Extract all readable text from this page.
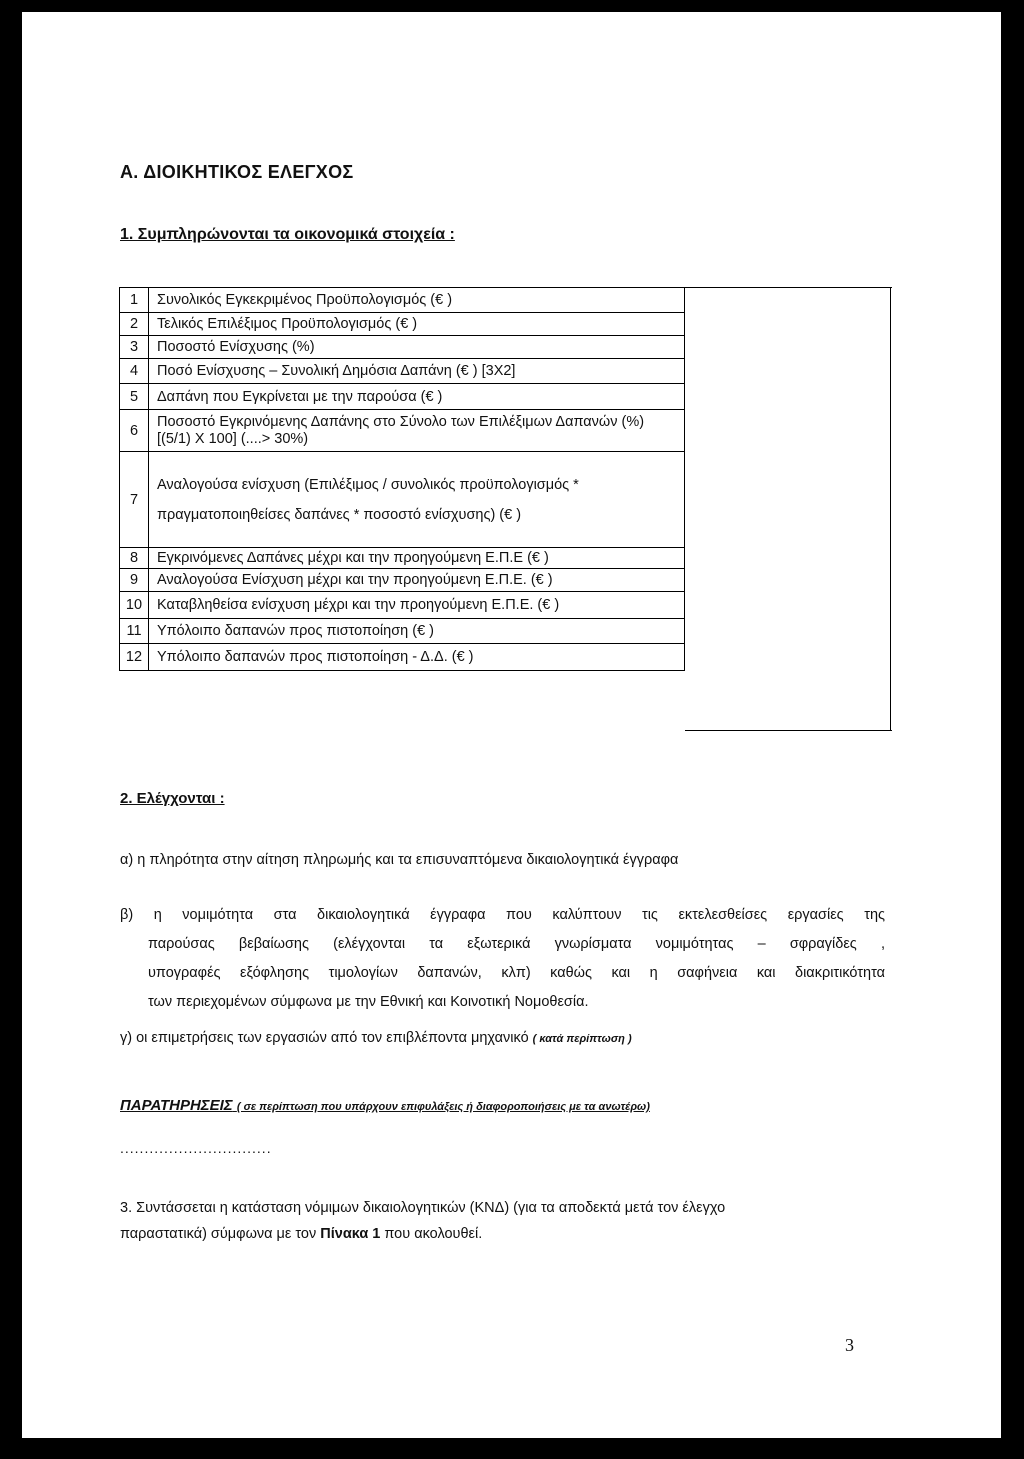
Α. ΔΙΟΙΚΗΤΙΚΟΣ ΕΛΕΓΧΟΣ
1. Συμπληρώνονται τα οικονομικά στοιχεία :
1	Συνολικός Εγκεκριμένος Προϋπολογισμός (€ )
2	Τελικός Επιλέξιμος Προϋπολογισμός (€ )
3	Ποσοστό Ενίσχυσης (%)
4	Ποσό Ενίσχυσης – Συνολική Δημόσια Δαπάνη (€ ) [3Χ2]
5	Δαπάνη που Εγκρίνεται με την παρούσα (€ )
6	Ποσοστό Εγκρινόμενης Δαπάνης στο Σύνολο των Επιλέξιμων Δαπανών (%) [(5/1) Χ 100] (....> 30%)
7	Αναλογούσα ενίσχυση (Επιλέξιμος / συνολικός προϋπολογισμός * πραγματοποιηθείσες δαπάνες * ποσοστό ενίσχυσης) (€ )
8	Εγκρινόμενες Δαπάνες μέχρι και την προηγούμενη Ε.Π.Ε (€ )
9	Αναλογούσα Ενίσχυση μέχρι και την προηγούμενη Ε.Π.Ε. (€ )
10	Καταβληθείσα ενίσχυση μέχρι και την προηγούμενη Ε.Π.Ε. (€ )
11	Υπόλοιπο δαπανών προς πιστοποίηση (€ )
12	Υπόλοιπο δαπανών προς πιστοποίηση - Δ.Δ. (€ )
2. Ελέγχονται :
α) η πληρότητα στην αίτηση πληρωμής και τα επισυναπτόμενα δικαιολογητικά έγγραφα
β) η νομιμότητα στα δικαιολογητικά έγγραφα που καλύπτουν τις εκτελεσθείσες εργασίες της
παρούσας βεβαίωσης (ελέγχονται τα εξωτερικά γνωρίσματα νομιμότητας – σφραγίδες ,
υπογραφές εξόφλησης τιμολογίων δαπανών, κλπ) καθώς και η σαφήνεια και διακριτικότητα
των περιεχομένων σύμφωνα με την Εθνική και Κοινοτική Νομοθεσία.
γ) οι επιμετρήσεις των εργασιών από τον επιβλέποντα μηχανικό ( κατά περίπτωση )
ΠΑΡΑΤΗΡΗΣΕΙΣ ( σε περίπτωση που υπάρχουν επιφυλάξεις ή διαφοροποιήσεις με τα ανωτέρω)
...............................
3. Συντάσσεται η κατάσταση νόμιμων δικαιολογητικών (ΚΝΔ) (για τα αποδεκτά μετά τον έλεγχο
παραστατικά) σύμφωνα με τον Πίνακα 1 που ακολουθεί.
3
